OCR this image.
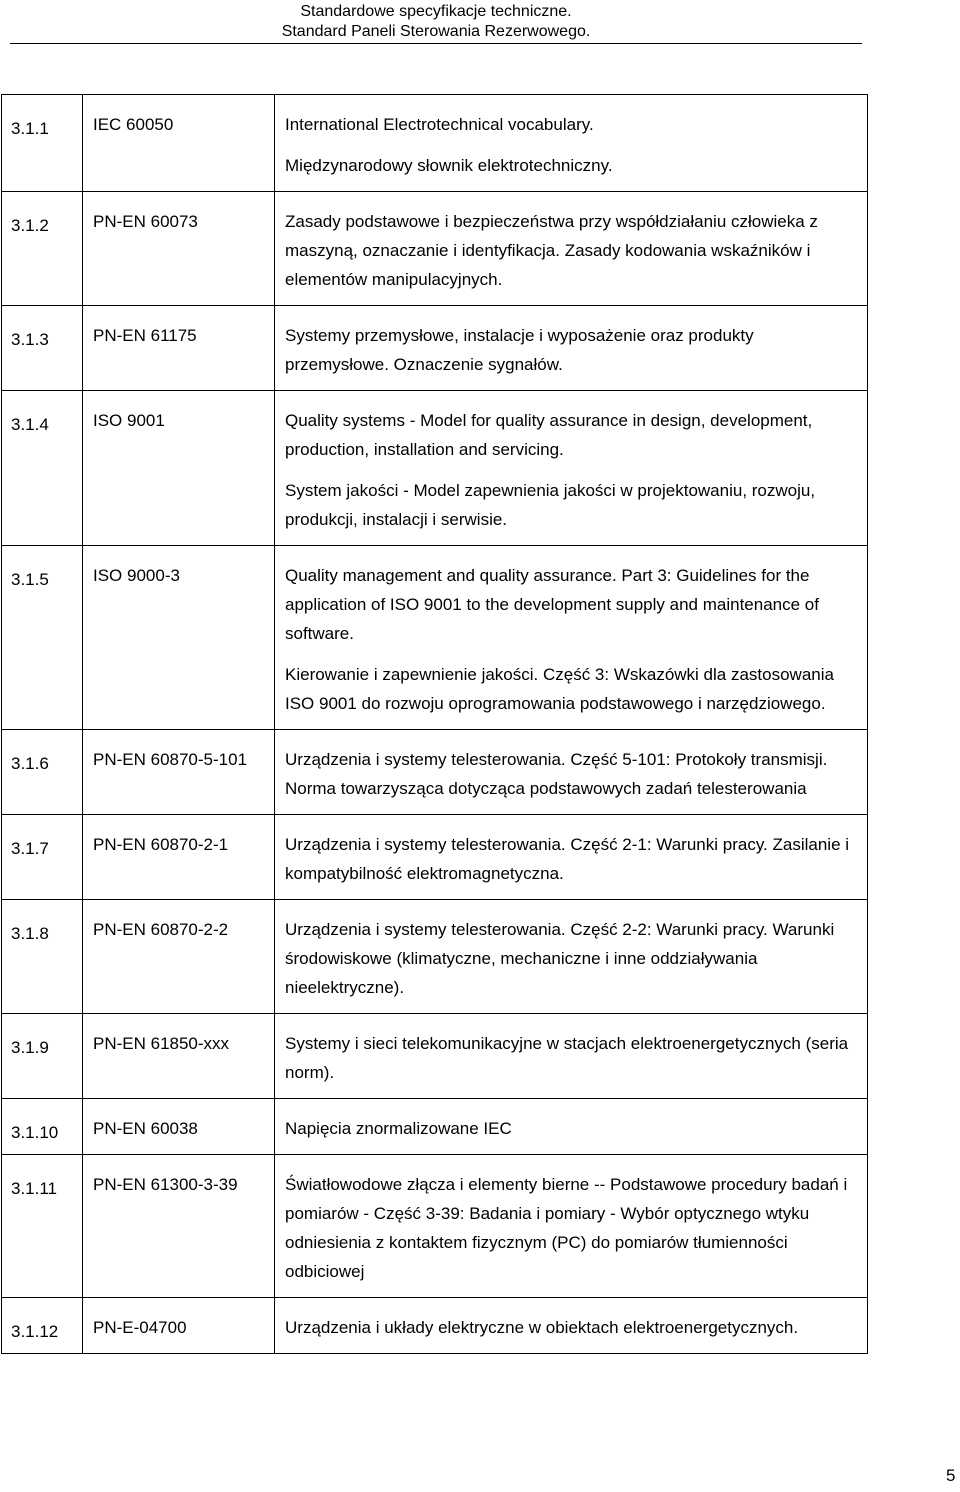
Standardowe specyfikacje techniczne.
Standard Paneli Sterowania Rezerwowego.
3.1.1	IEC 60050	International Electrotechnical vocabulary.

Międzynarodowy słownik elektrotechniczny.

3.1.2	PN-EN 60073	Zasady podstawowe i bezpieczeństwa przy współdziałaniu człowieka z maszyną, oznaczanie i identyfikacja. Zasady kodowania wskaźników i elementów manipulacyjnych.

3.1.3	PN-EN 61175	Systemy przemysłowe, instalacje i wyposażenie oraz produkty przemysłowe. Oznaczenie sygnałów.

3.1.4	ISO 9001	Quality systems - Model for quality assurance in design, development, production, installation and servicing.

System jakości - Model zapewnienia jakości w projektowaniu, rozwoju, produkcji, instalacji i serwisie.

3.1.5	ISO 9000-3	Quality management and quality assurance. Part 3: Guidelines for the application of ISO 9001 to the development supply and maintenance of software.

Kierowanie i zapewnienie jakości. Część 3: Wskazówki dla zastosowania ISO 9001 do rozwoju oprogramowania podstawowego i narzędziowego.

3.1.6	PN-EN 60870-5-101	Urządzenia i systemy telesterowania. Część 5-101: Protokoły transmisji. Norma towarzysząca dotycząca podstawowych zadań telesterowania

3.1.7	PN-EN 60870-2-1	Urządzenia i systemy telesterowania. Część 2-1: Warunki pracy. Zasilanie i kompatybilność elektromagnetyczna.

3.1.8	PN-EN 60870-2-2	Urządzenia i systemy telesterowania. Część 2-2: Warunki pracy. Warunki środowiskowe (klimatyczne, mechaniczne i inne oddziaływania nieelektryczne).

3.1.9	PN-EN 61850-xxx	Systemy i sieci telekomunikacyjne w stacjach elektroenergetycznych (seria norm).

3.1.10	PN-EN 60038	Napięcia znormalizowane IEC

3.1.11	PN-EN 61300-3-39	Światłowodowe złącza i elementy bierne -- Podstawowe procedury badań i pomiarów - Część 3-39: Badania i pomiary - Wybór optycznego wtyku odniesienia z kontaktem fizycznym (PC) do pomiarów tłumienności odbiciowej

3.1.12	PN-E-04700	Urządzenia i układy elektryczne w obiektach elektroenergetycznych.

5
